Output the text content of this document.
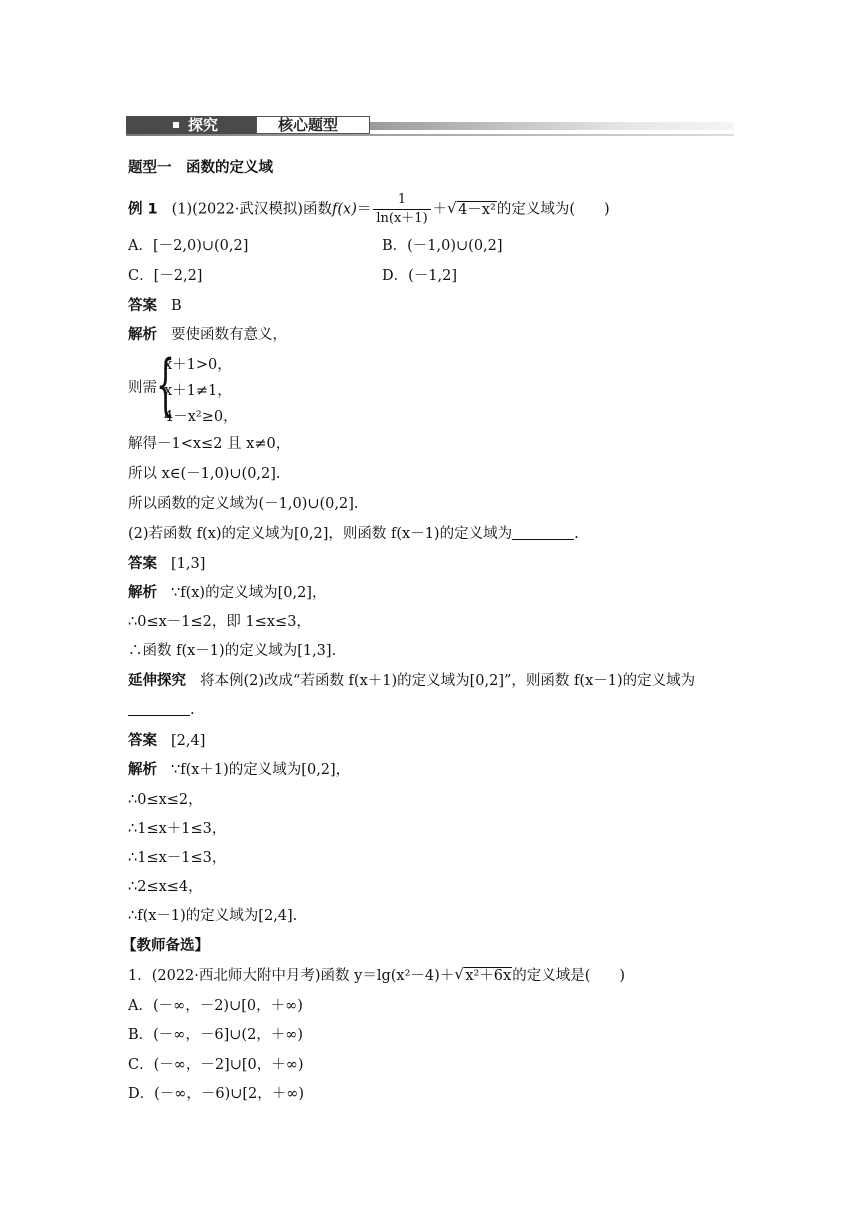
探究	核心题型
题型一　函数的定义域
例 1 (1)(2022·武汉模拟)函数$f(x)= \frac{1}{\ln(x+1)}$ ＋ √ 4－x²的定义域为(　　)
A．[－2,0)∪(0,2]	B．(－1,0)∪(0,2]
C．[－2,2]	D．(－1,2]
答案 B
解析 要使函数有意义，
则需 {
x＋1>0，
x＋1≠1，
4－x²≥0，
解得－1<x≤2 且 x≠0，
所以 x∈(－1,0)∪(0,2].
所以函数的定义域为(－1,0)∪(0,2].
(2)若函数 f(x)的定义域为[0,2]，则函数 f(x－1)的定义域为	.
答案 [1,3]
解析 ∵f(x)的定义域为[0,2]，
∴0≤x－1≤2，即 1≤x≤3，
∴函数 f(x－1)的定义域为[1,3].
延伸探究 将本例(2)改成“若函数 f(x＋1)的定义域为[0,2]”，则函数 f(x－1)的定义域为
.
答案 [2,4]
解析 ∵f(x＋1)的定义域为[0,2]，
∴0≤x≤2，
∴1≤x＋1≤3，
∴1≤x－1≤3，
∴2≤x≤4，
∴f(x－1)的定义域为[2,4].
【教师备选】
1．(2022·西北师大附中月考)函数 y＝lg(x²－4)＋ √ x²＋6x的定义域是(　　)
A．(－∞，－2)∪[0，＋∞)
B．(－∞，－6]∪(2，＋∞)
C．(－∞，－2]∪[0，＋∞)
D．(－∞，－6)∪[2，＋∞)
